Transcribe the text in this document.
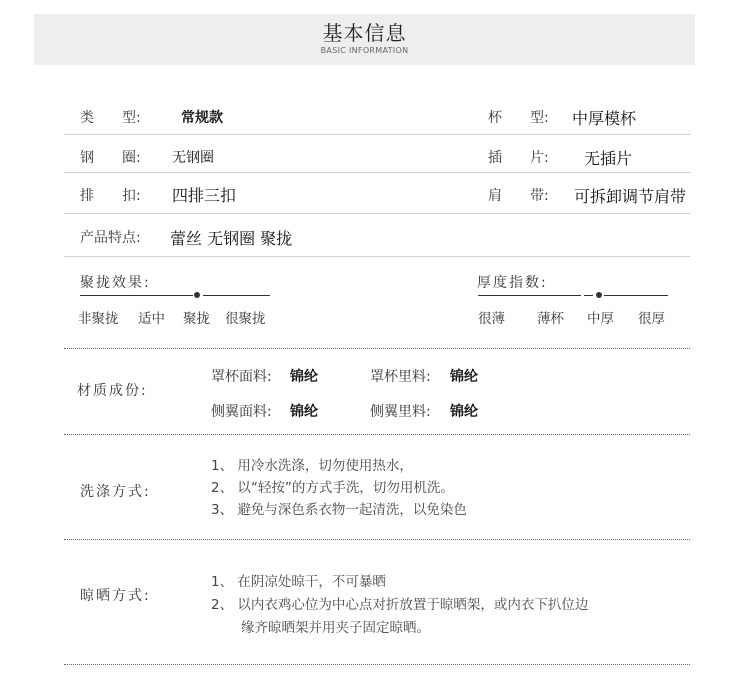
基本信息
BASIC INFORMATION
类　　型:	常规款	杯　　型: 中厚模杯
钢　　圈: 无钢圈	插　　片: 无插片
排　　扣: 四排三扣	肩　　带: 可拆卸调节肩带
产品特点: 蕾丝 无钢圈 聚拢
聚拢效果:
非聚拢 适中 聚拢 很聚拢
厚度指数:
很薄 薄杯 中厚 很厚
材质成份:
罩杯面料: 锦纶	罩杯里料: 锦纶
侧翼面料: 锦纶	侧翼里料: 锦纶
洗涤方式:
1、 用冷水洗涤，切勿使用热水，
2、 以“轻按”的方式手洗，切勿用机洗。
3、 避免与深色系衣物一起清洗，以免染色
晾晒方式:
1、 在阴凉处晾干，不可暴晒
2、 以内衣鸡心位为中心点对折放置于晾晒架，或内衣下扒位边
缘齐晾晒架并用夹子固定晾晒。
